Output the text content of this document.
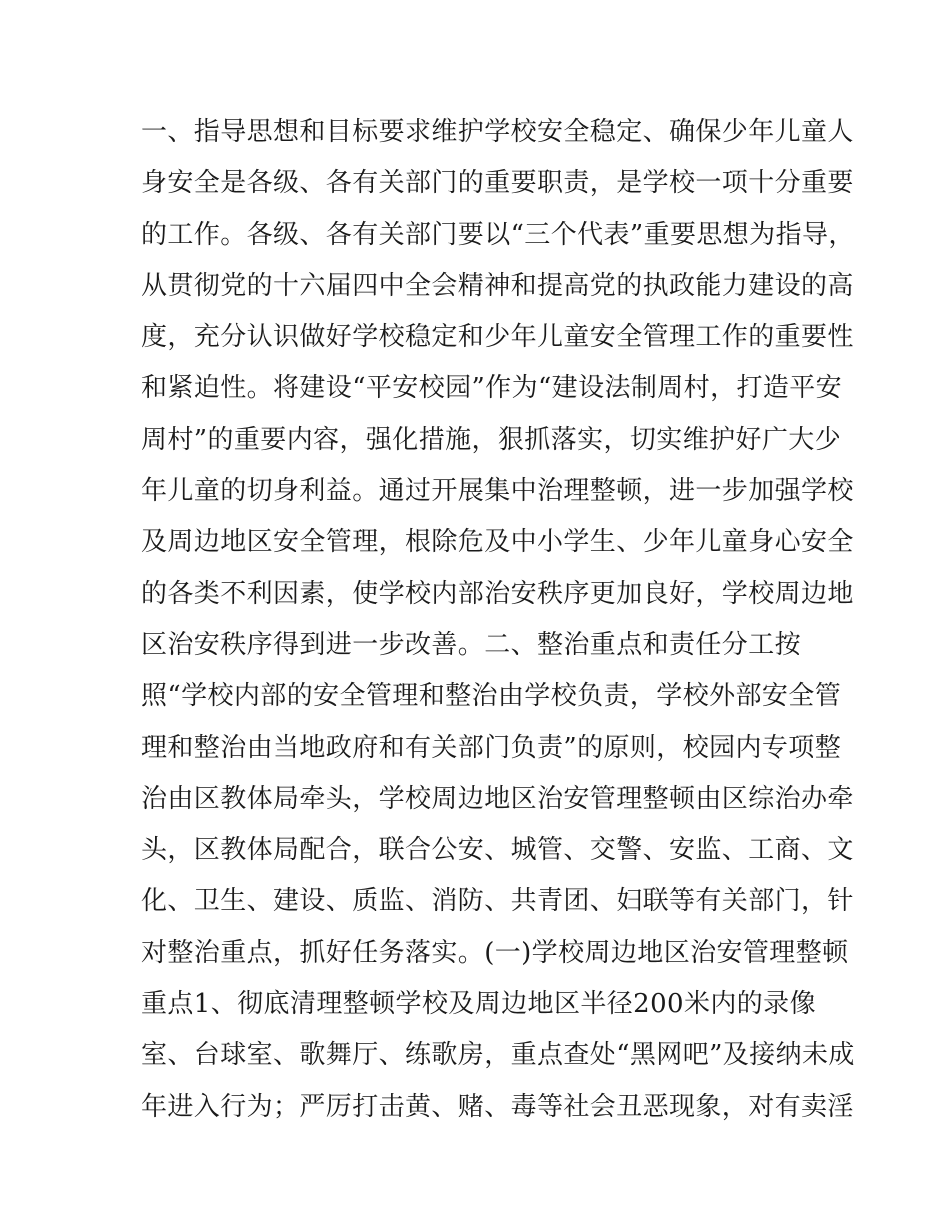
一、指导思想和目标要求维护学校安全稳定、确保少年儿童人
身安全是各级、各有关部门的重要职责，是学校一项十分重要
的工作。各级、各有关部门要以“三个代表”重要思想为指导，
从贯彻党的十六届四中全会精神和提高党的执政能力建设的高
度，充分认识做好学校稳定和少年儿童安全管理工作的重要性
和紧迫性。将建设“平安校园”作为“建设法制周村，打造平安
周村”的重要内容，强化措施，狠抓落实，切实维护好广大少
年儿童的切身利益。通过开展集中治理整顿，进一步加强学校
及周边地区安全管理，根除危及中小学生、少年儿童身心安全
的各类不利因素，使学校内部治安秩序更加良好，学校周边地
区治安秩序得到进一步改善。二、整治重点和责任分工按
照“学校内部的安全管理和整治由学校负责，学校外部安全管
理和整治由当地政府和有关部门负责”的原则，校园内专项整
治由区教体局牵头，学校周边地区治安管理整顿由区综治办牵
头，区教体局配合，联合公安、城管、交警、安监、工商、文
化、卫生、建设、质监、消防、共青团、妇联等有关部门，针
对整治重点，抓好任务落实。(一)学校周边地区治安管理整顿
重点1、彻底清理整顿学校及周边地区半径200米内的录像
室、台球室、歌舞厅、练歌房，重点查处“黑网吧”及接纳未成
年进入行为；严厉打击黄、赌、毒等社会丑恶现象，对有卖淫
